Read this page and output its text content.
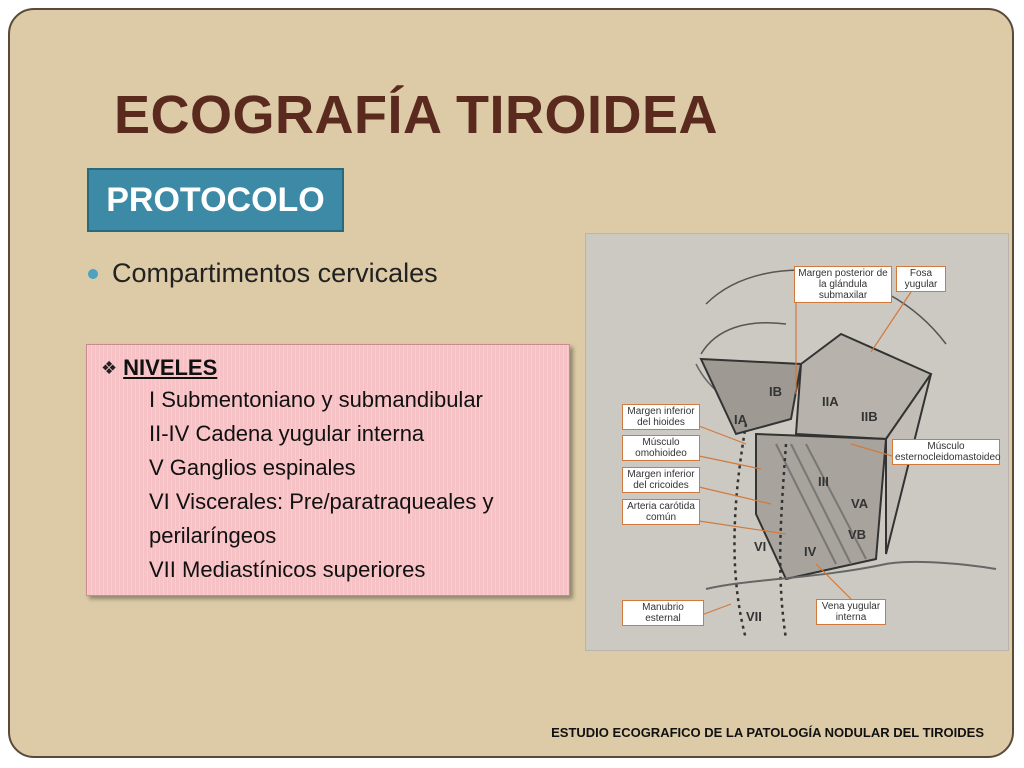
ECOGRAFÍA TIROIDEA
PROTOCOLO
Compartimentos cervicales
❖ NIVELES
I Submentoniano y submandibular
II-IV Cadena yugular interna
V Ganglios espinales
VI Viscerales: Pre/paratraqueales y
perilaríngeos
VII Mediastínicos superiores
Margen posterior de la glándula submaxilar
Fosa yugular
Margen inferior del hioides
Músculo omohioideo
Margen inferior del cricoides
Arteria carótida común
Músculo esternocleidomastoideo
Manubrio esternal
Vena yugular interna
IB
IA
IIA
IIB
III
VA
VB
IV
VI
VII
ESTUDIO ECOGRAFICO DE LA PATOLOGÍA NODULAR DEL TIROIDES
